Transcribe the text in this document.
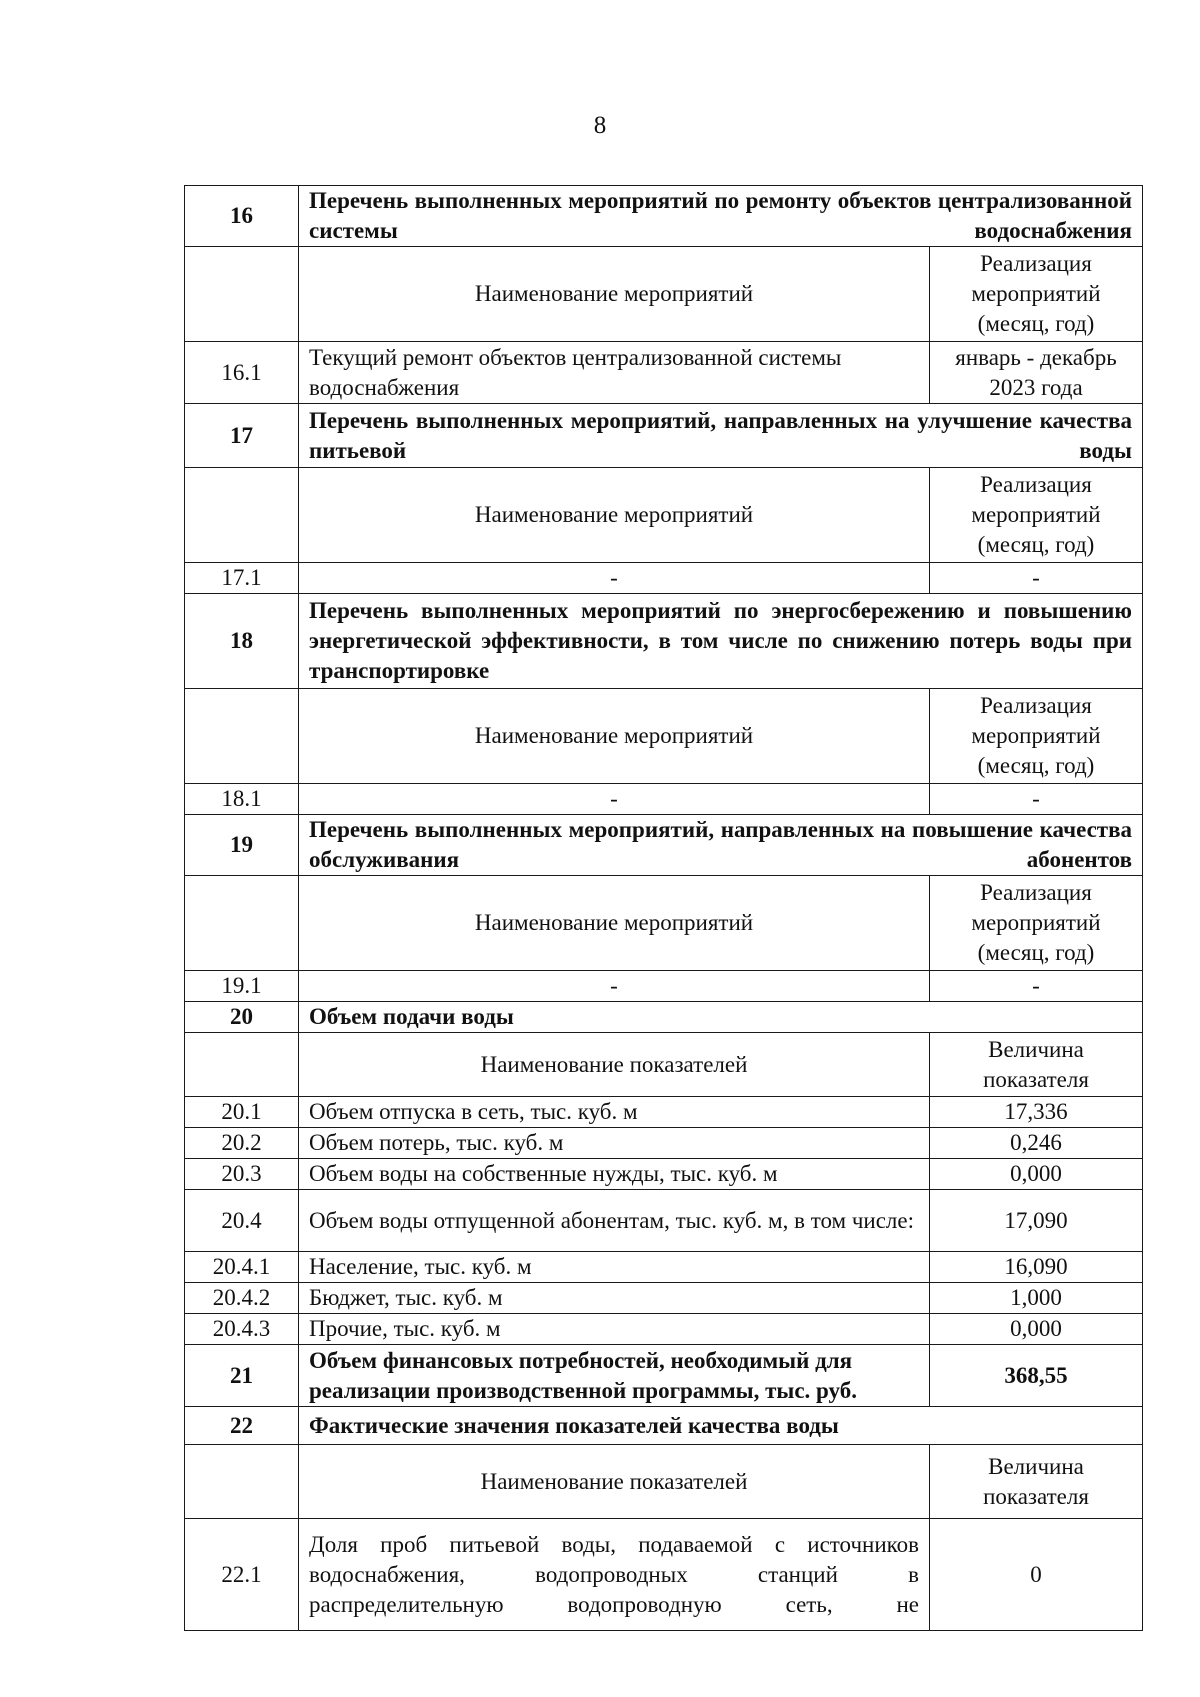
8
16	Перечень выполненных мероприятий по ремонту объектов централизованной системы водоснабжения	
	Наименование мероприятий	Реализация мероприятий (месяц, год)
16.1	Текущий ремонт объектов централизованной системы водоснабжения	январь - декабрь 2023 года
17	Перечень выполненных мероприятий, направленных на улучшение качества питьевой воды	
	Наименование мероприятий	Реализация мероприятий (месяц, год)
17.1	-	-
18	Перечень выполненных мероприятий по энергосбережению и повышению энергетической эффективности, в том числе по снижению потерь воды при транспортировке	
	Наименование мероприятий	Реализация мероприятий (месяц, год)
18.1	-	-
19	Перечень выполненных мероприятий, направленных на повышение качества обслуживания абонентов	
	Наименование мероприятий	Реализация мероприятий (месяц, год)
19.1	-	-
20	Объем подачи воды	
	Наименование показателей	Величина показателя
20.1	Объем отпуска в сеть, тыс. куб. м	17,336
20.2	Объем потерь, тыс. куб. м	0,246
20.3	Объем воды на собственные нужды, тыс. куб. м	0,000
20.4	Объем воды отпущенной абонентам, тыс. куб. м, в том числе:	17,090
20.4.1	Население, тыс. куб. м	16,090
20.4.2	Бюджет, тыс. куб. м	1,000
20.4.3	Прочие, тыс. куб. м	0,000
21	Объем финансовых потребностей, необходимый для реализации производственной программы, тыс. руб.	368,55
22	Фактические значения показателей качества воды	
	Наименование показателей	Величина показателя
22.1	Доля проб питьевой воды, подаваемой с источников водоснабжения, водопроводных станций в распределительную водопроводную сеть, не	0
